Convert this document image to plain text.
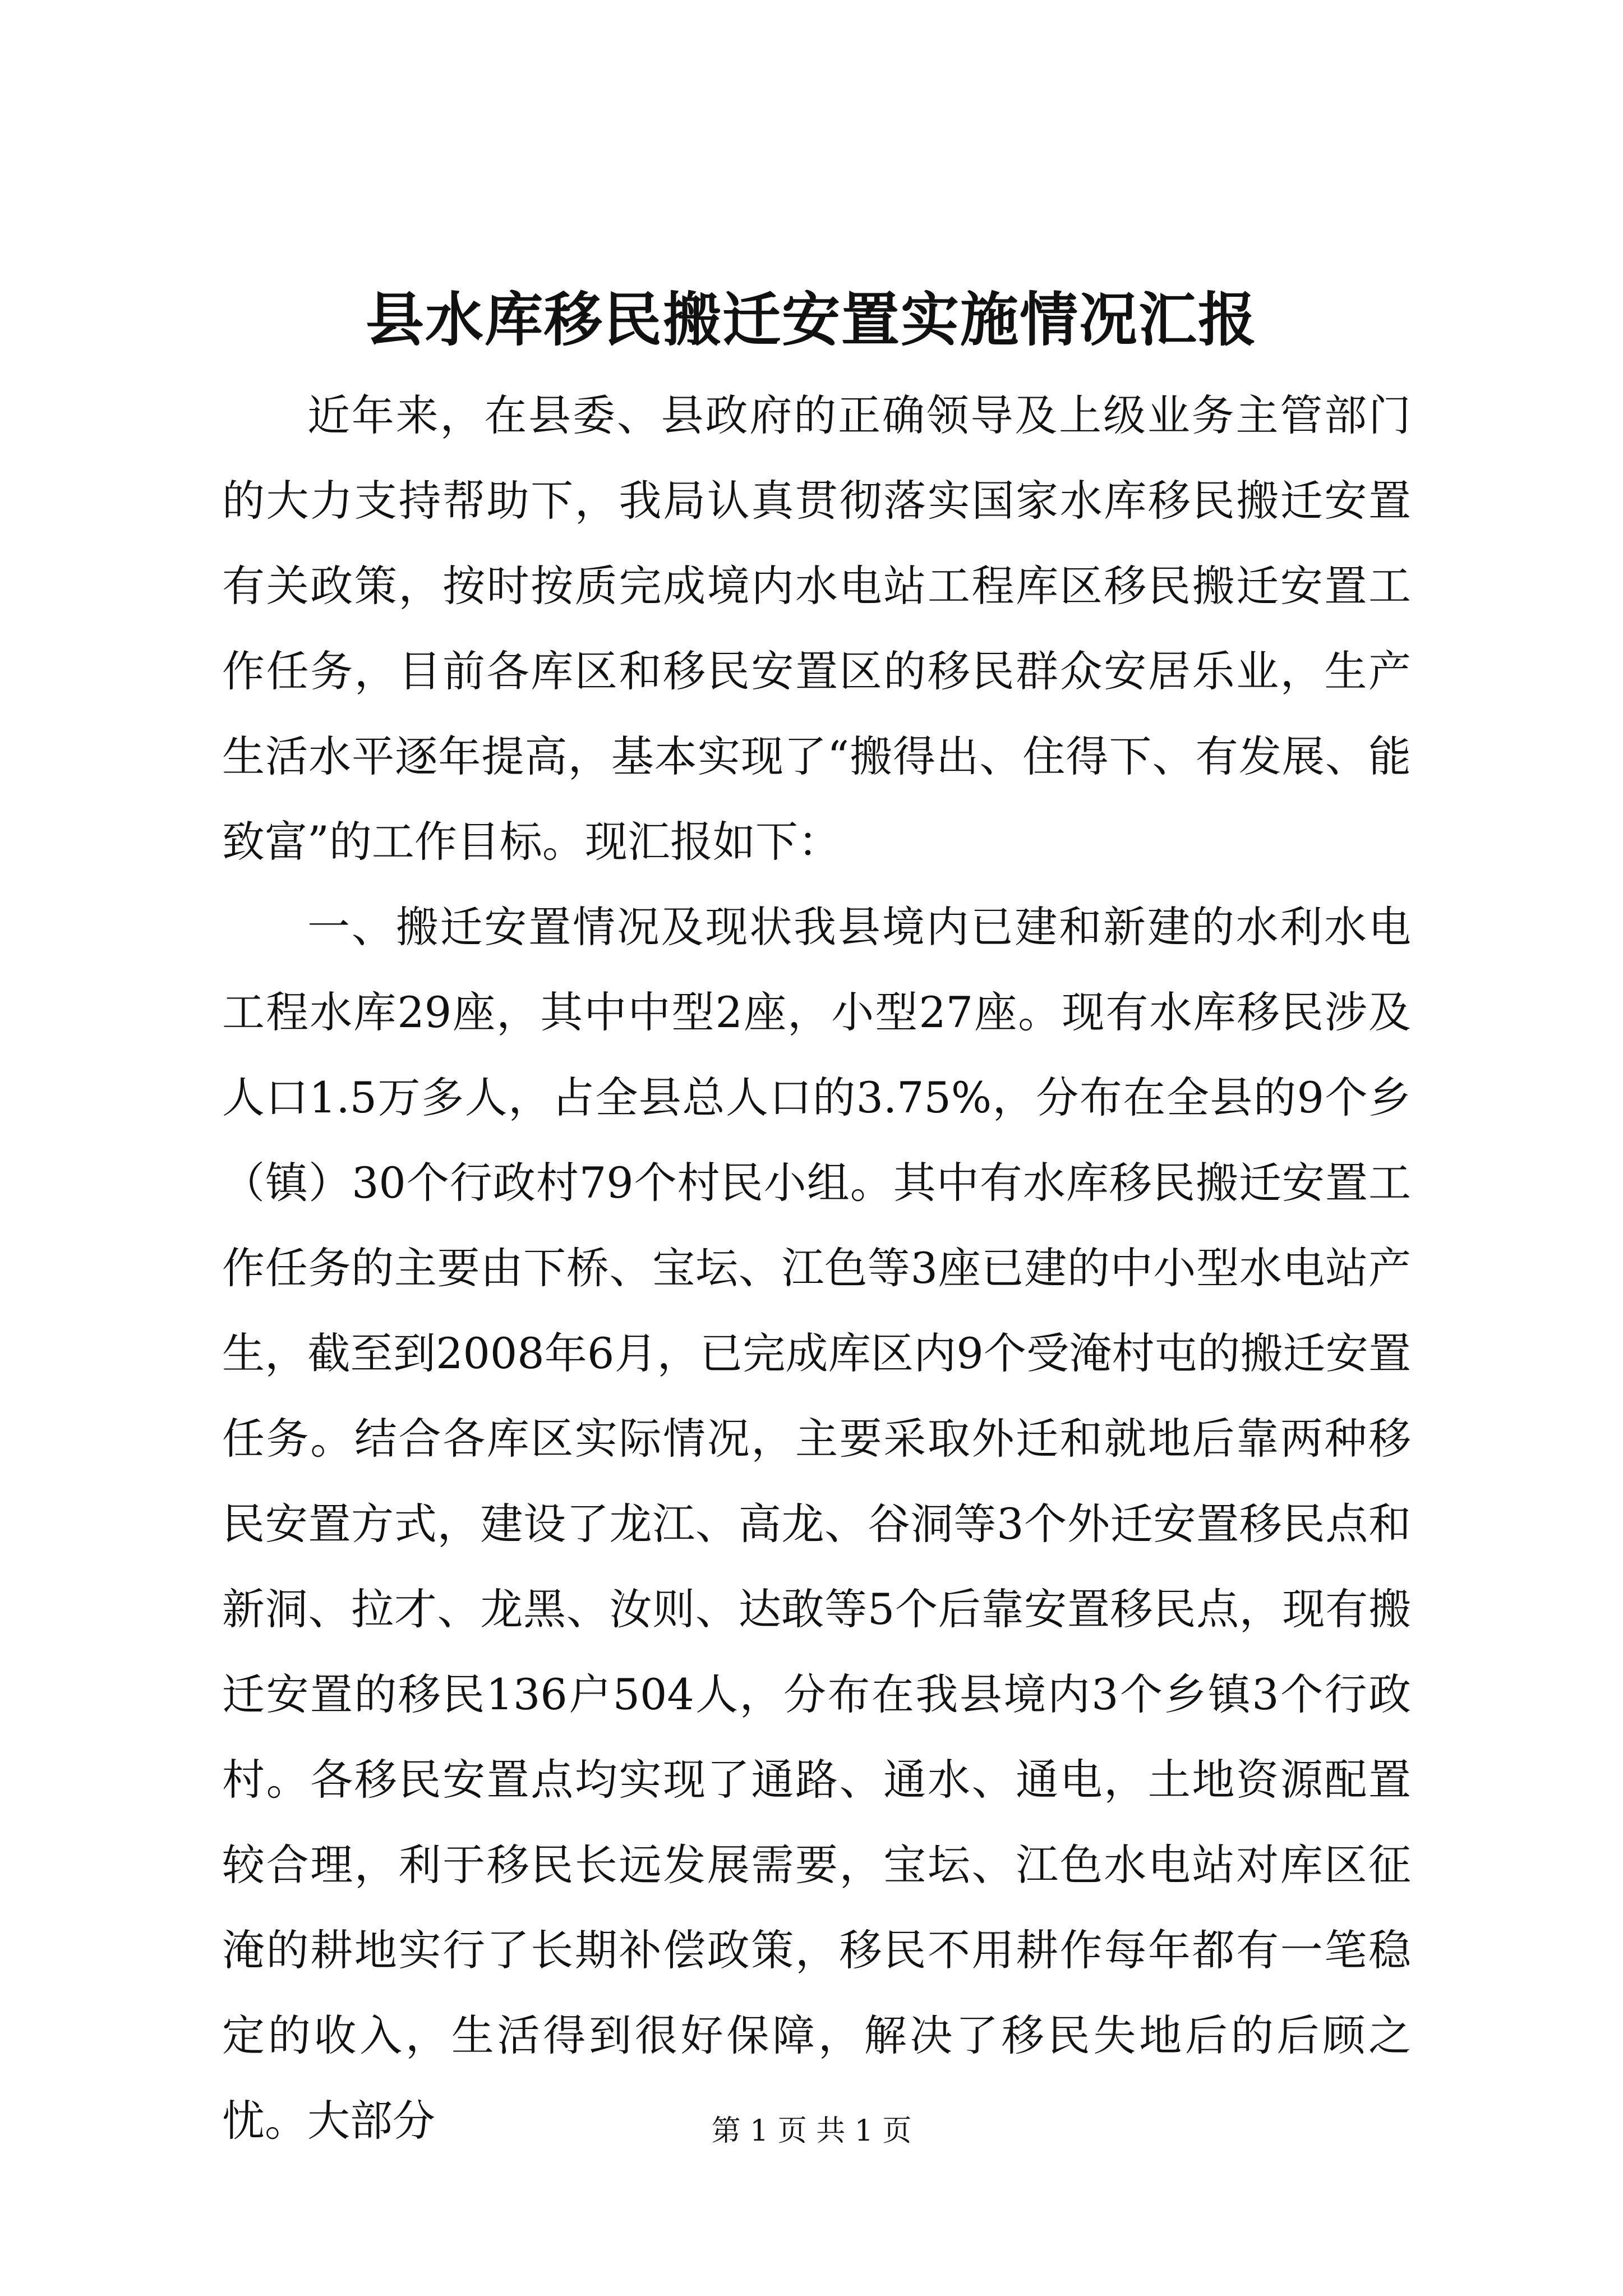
县水库移民搬迁安置实施情况汇报

近年来，在县委、县政府的正确领导及上级业务主管部门的大力支持帮助下，我局认真贯彻落实国家水库移民搬迁安置有关政策，按时按质完成境内水电站工程库区移民搬迁安置工作任务，目前各库区和移民安置区的移民群众安居乐业，生产生活水平逐年提高，基本实现了“搬得出、住得下、有发展、能致富”的工作目标。现汇报如下：

一、搬迁安置情况及现状我县境内已建和新建的水利水电工程水库29座，其中中型2座，小型27座。现有水库移民涉及人口1.5万多人，占全县总人口的3.75%，分布在全县的9个乡（镇）30个行政村79个村民小组。其中有水库移民搬迁安置工作任务的主要由下桥、宝坛、江色等3座已建的中小型水电站产生，截至到2008年6月，已完成库区内9个受淹村屯的搬迁安置任务。结合各库区实际情况，主要采取外迁和就地后靠两种移民安置方式，建设了龙江、高龙、谷洞等3个外迁安置移民点和新洞、拉才、龙黑、汝则、达敢等5个后靠安置移民点，现有搬迁安置的移民136户504人，分布在我县境内3个乡镇3个行政村。各移民安置点均实现了通路、通水、通电，土地资源配置较合理，利于移民长远发展需要，宝坛、江色水电站对库区征淹的耕地实行了长期补偿政策，移民不用耕作每年都有一笔稳定的收入，生活得到很好保障，解决了移民失地后的后顾之忧。大部分	第 1 页 共 1 页
